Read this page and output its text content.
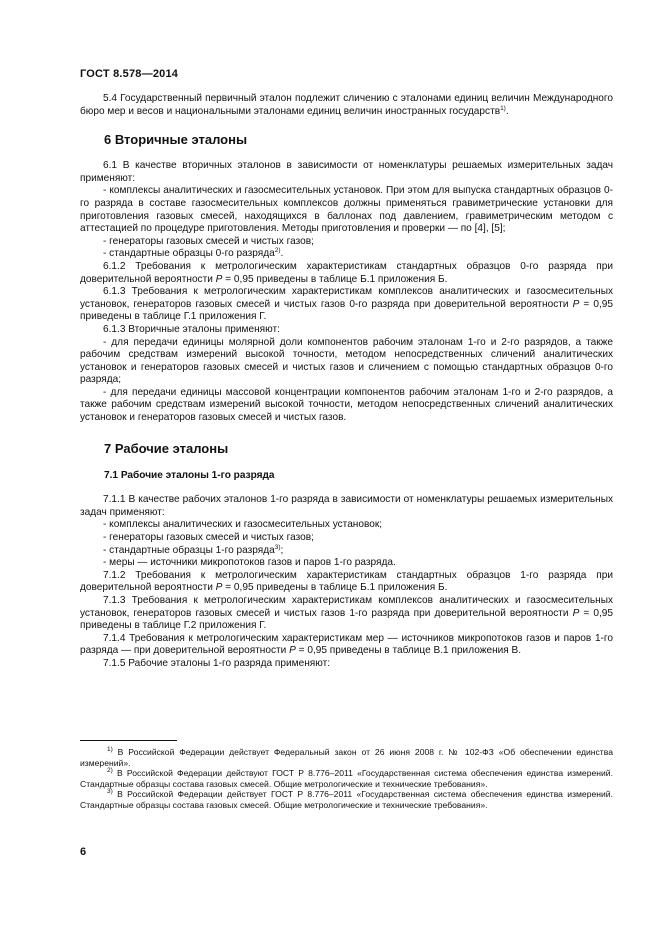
ГОСТ 8.578—2014

5.4 Государственный первичный эталон подлежит сличению с эталонами единиц величин Международного бюро мер и весов и национальными эталонами единиц величин иностранных государств$^{1)}$.

6 Вторичные эталоны

6.1 В качестве вторичных эталонов в зависимости от номенклатуры решаемых измерительных задач применяют:

- комплексы аналитических и газосмесительных установок. При этом для выпуска стандартных образцов 0-го разряда в составе газосмесительных комплексов должны применяться гравиметрические установки для приготовления газовых смесей, находящихся в баллонах под давлением, гравиметрическим методом с аттестацией по процедуре приготовления. Методы приготовления и проверки — по [4], [5];

- генераторы газовых смесей и чистых газов;

- стандартные образцы 0-го разряда$^{2)}$.

6.1.2 Требования к метрологическим характеристикам стандартных образцов 0-го разряда при доверительной вероятности P = 0,95 приведены в таблице Б.1 приложения Б.

6.1.3 Требования к метрологическим характеристикам комплексов аналитических и газосмесительных установок, генераторов газовых смесей и чистых газов 0-го разряда при доверительной вероятности P = 0,95 приведены в таблице Г.1 приложения Г.

6.1.3 Вторичные эталоны применяют:

- для передачи единицы молярной доли компонентов рабочим эталонам 1-го и 2-го разрядов, а также рабочим средствам измерений высокой точности, методом непосредственных сличений аналитических установок и генераторов газовых смесей и чистых газов и сличением с помощью стандартных образцов 0-го разряда;

- для передачи единицы массовой концентрации компонентов рабочим эталонам 1-го и 2-го разрядов, а также рабочим средствам измерений высокой точности, методом непосредственных сличений аналитических установок и генераторов газовых смесей и чистых газов.

7 Рабочие эталоны
7.1 Рабочие эталоны 1-го разряда

7.1.1 В качестве рабочих эталонов 1-го разряда в зависимости от номенклатуры решаемых измерительных задач применяют:

- комплексы аналитических и газосмесительных установок;

- генераторы газовых смесей и чистых газов;

- стандартные образцы 1-го разряда$^{3)}$;

- меры — источники микропотоков газов и паров 1-го разряда.

7.1.2 Требования к метрологическим характеристикам стандартных образцов 1-го разряда при доверительной вероятности P = 0,95 приведены в таблице Б.1 приложения Б.

7.1.3 Требования к метрологическим характеристикам комплексов аналитических и газосмесительных установок, генераторов газовых смесей и чистых газов 1-го разряда при доверительной вероятности P = 0,95 приведены в таблице Г.2 приложения Г.

7.1.4 Требования к метрологическим характеристикам мер — источников микропотоков газов и паров 1-го разряда — при доверительной вероятности P = 0,95 приведены в таблице В.1 приложения В.

7.1.5 Рабочие эталоны 1-го разряда применяют:

$^{1)}$ В Российской Федерации действует Федеральный закон от 26 июня 2008 г. № 102-ФЗ «Об обеспечении единства измерений».

$^{2)}$ В Российской Федерации действуют ГОСТ Р 8.776–2011 «Государственная система обеспечения единства измерений. Стандартные образцы состава газовых смесей. Общие метрологические и технические требования».

$^{3)}$ В Российской Федерации действует ГОСТ Р 8.776–2011 «Государственная система обеспечения единства измерений. Стандартные образцы состава газовых смесей. Общие метрологические и технические требования».

6
